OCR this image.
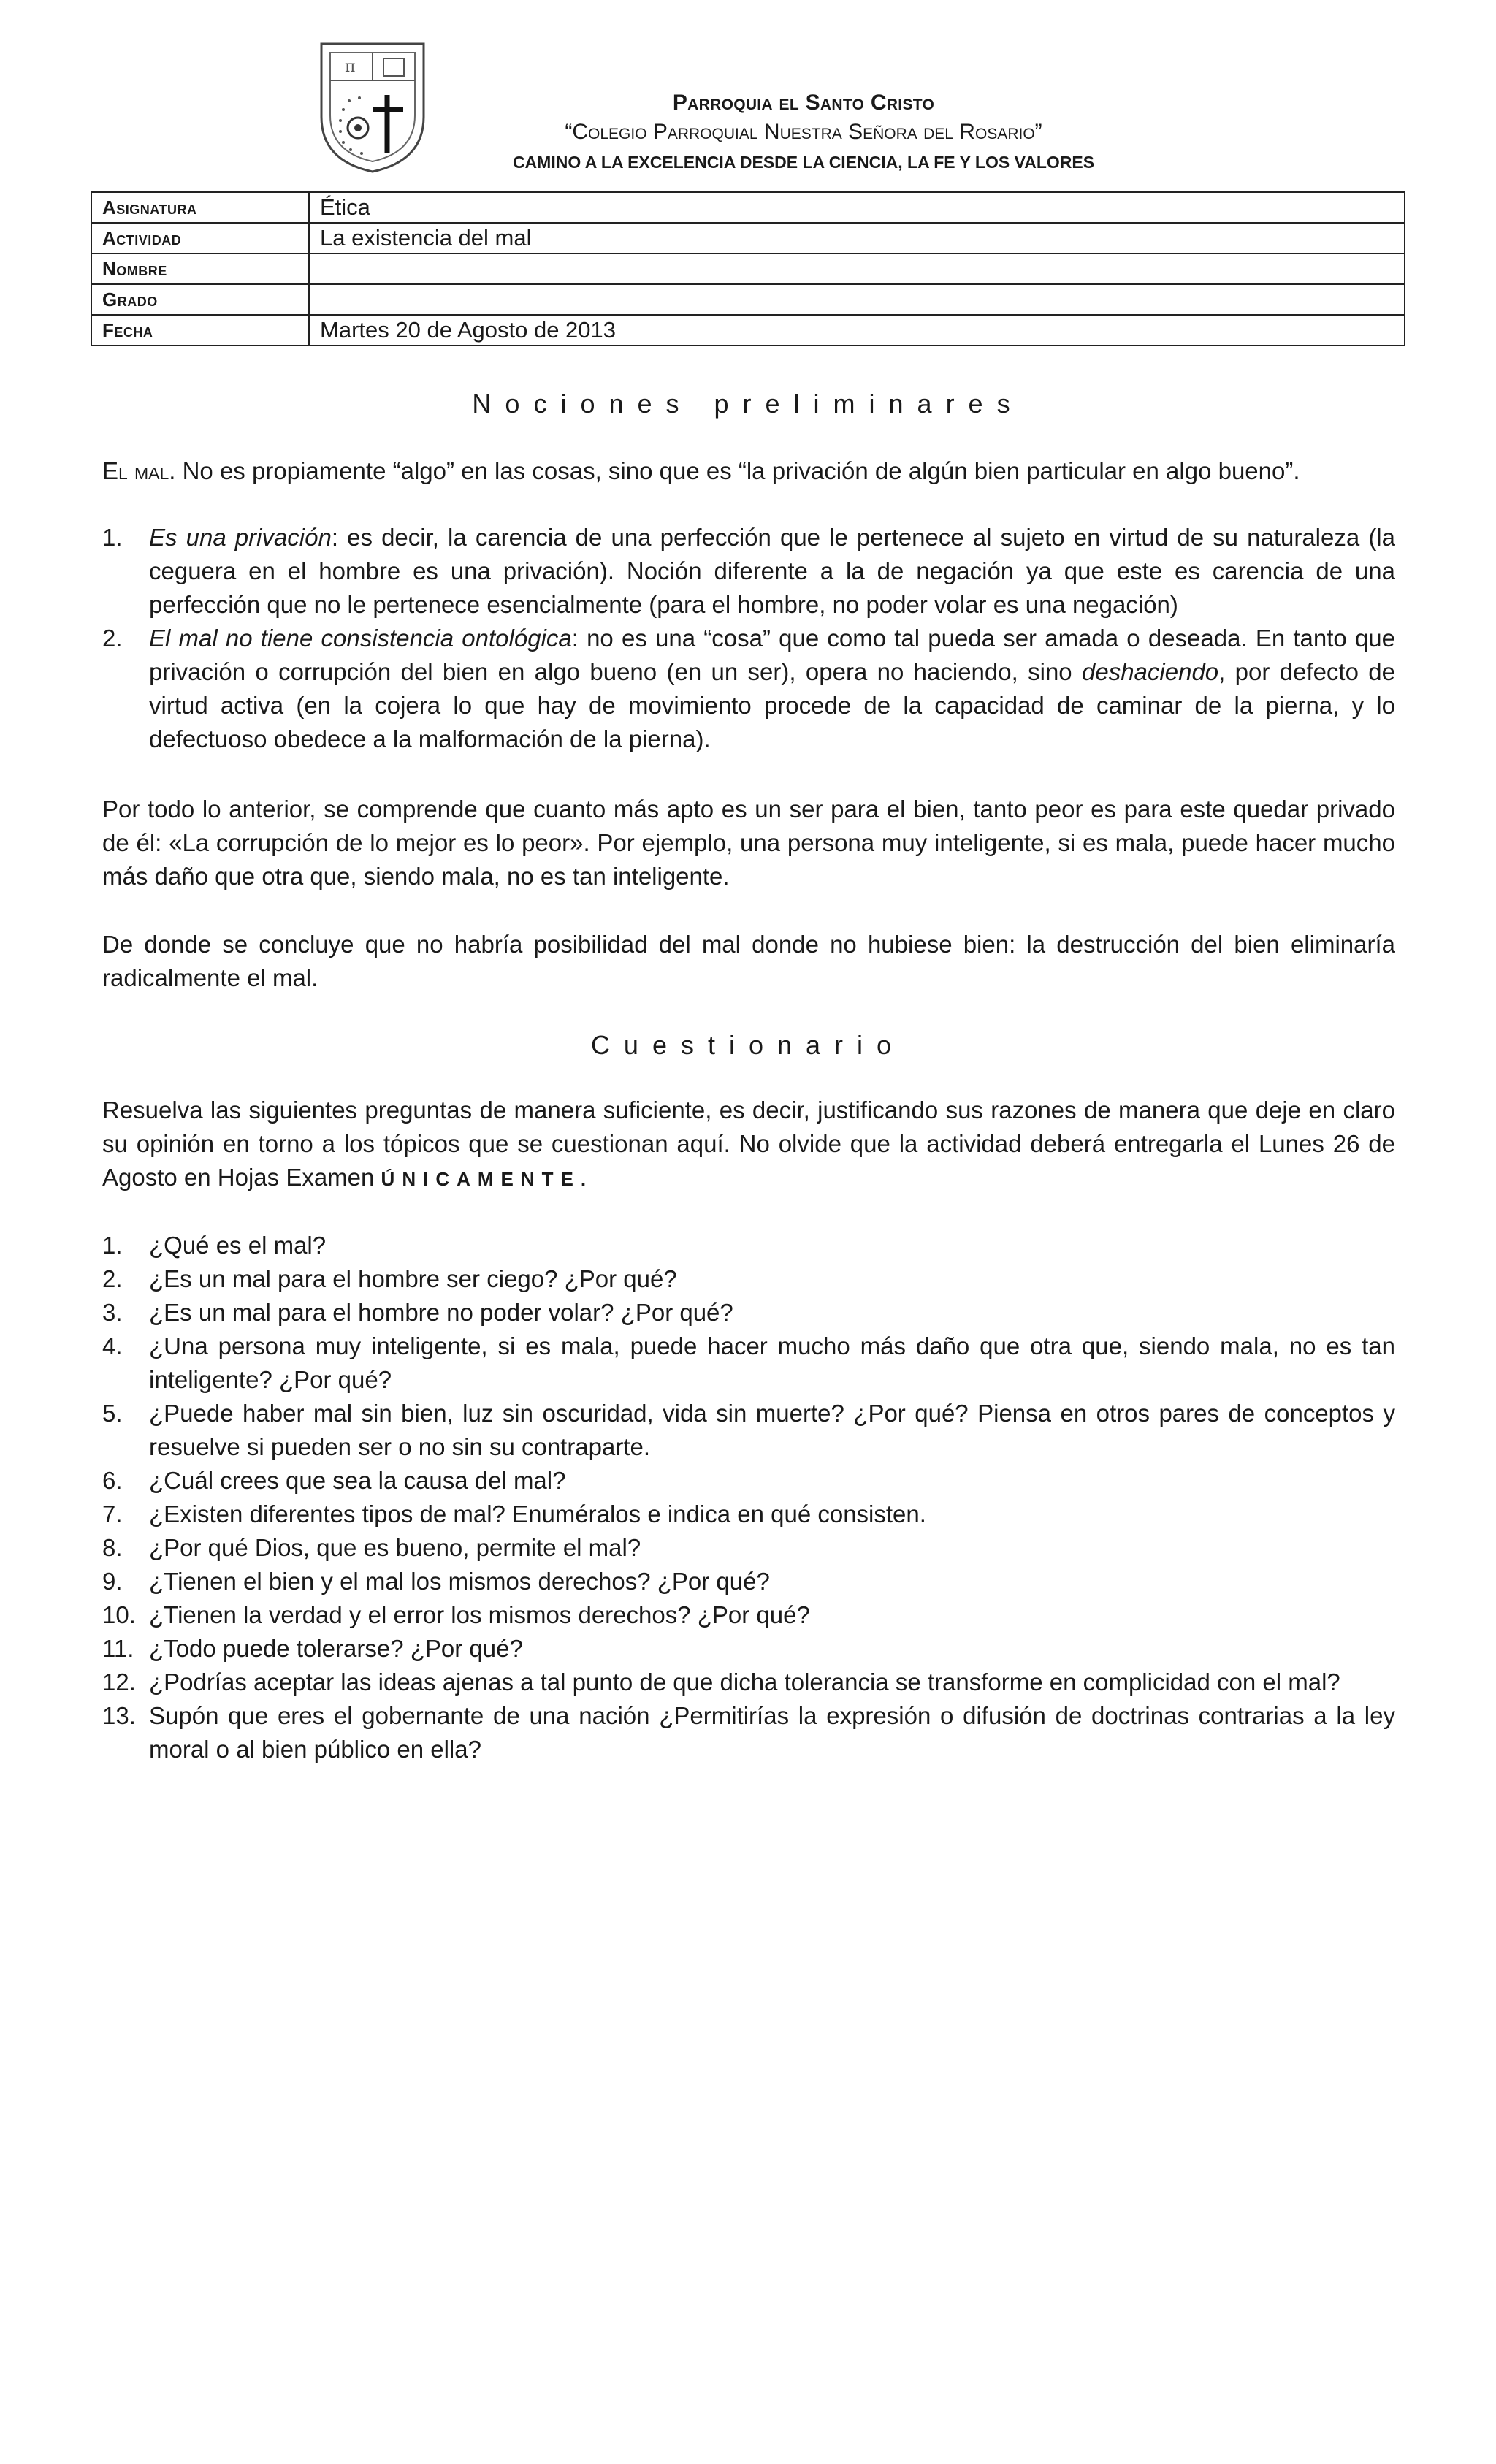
π
Parroquia el Santo Cristo
“Colegio Parroquial Nuestra Señora del Rosario”
CAMINO A LA EXCELENCIA DESDE LA CIENCIA, LA FE Y LOS VALORES
Asignatura	Ética
Actividad	La existencia del mal
Nombre	
Grado	
Fecha	Martes 20 de Agosto de 2013
Nociones preliminares

El mal. No es propiamente “algo” en las cosas, sino que es “la privación de algún bien particular en algo bueno”.

1. Es una privación: es decir, la carencia de una perfección que le pertenece al sujeto en virtud de su naturaleza (la ceguera en el hombre es una privación). Noción diferente a la de negación ya que este es carencia de una perfección que no le pertenece esencialmente (para el hombre, no poder volar es una negación)
2. El mal no tiene consistencia ontológica: no es una “cosa” que como tal pueda ser amada o deseada. En tanto que privación o corrupción del bien en algo bueno (en un ser), opera no haciendo, sino deshaciendo, por defecto de virtud activa (en la cojera lo que hay de movimiento procede de la capacidad de caminar de la pierna, y lo defectuoso obedece a la malformación de la pierna).

Por todo lo anterior, se comprende que cuanto más apto es un ser para el bien, tanto peor es para este quedar privado de él: «La corrupción de lo mejor es lo peor». Por ejemplo, una persona muy inteligente, si es mala, puede hacer mucho más daño que otra que, siendo mala, no es tan inteligente.

De donde se concluye que no habría posibilidad del mal donde no hubiese bien: la destrucción del bien eliminaría radicalmente el mal.

Cuestionario

Resuelva las siguientes preguntas de manera suficiente, es decir, justificando sus razones de manera que deje en claro su opinión en torno a los tópicos que se cuestionan aquí. No olvide que la actividad deberá entregarla el Lunes 26 de Agosto en Hojas Examen ÚNICAMENTE.

1. ¿Qué es el mal?
2. ¿Es un mal para el hombre ser ciego? ¿Por qué?
3. ¿Es un mal para el hombre no poder volar? ¿Por qué?
4. ¿Una persona muy inteligente, si es mala, puede hacer mucho más daño que otra que, siendo mala, no es tan inteligente? ¿Por qué?
5. ¿Puede haber mal sin bien, luz sin oscuridad, vida sin muerte? ¿Por qué? Piensa en otros pares de conceptos y resuelve si pueden ser o no sin su contraparte.
6. ¿Cuál crees que sea la causa del mal?
7. ¿Existen diferentes tipos de mal? Enuméralos e indica en qué consisten.
8. ¿Por qué Dios, que es bueno, permite el mal?
9. ¿Tienen el bien y el mal los mismos derechos? ¿Por qué?
10. ¿Tienen la verdad y el error los mismos derechos? ¿Por qué?
11. ¿Todo puede tolerarse? ¿Por qué?
12. ¿Podrías aceptar las ideas ajenas a tal punto de que dicha tolerancia se transforme en complicidad con el mal?
13. Supón que eres el gobernante de una nación ¿Permitirías la expresión o difusión de doctrinas contrarias a la ley moral o al bien público en ella?
